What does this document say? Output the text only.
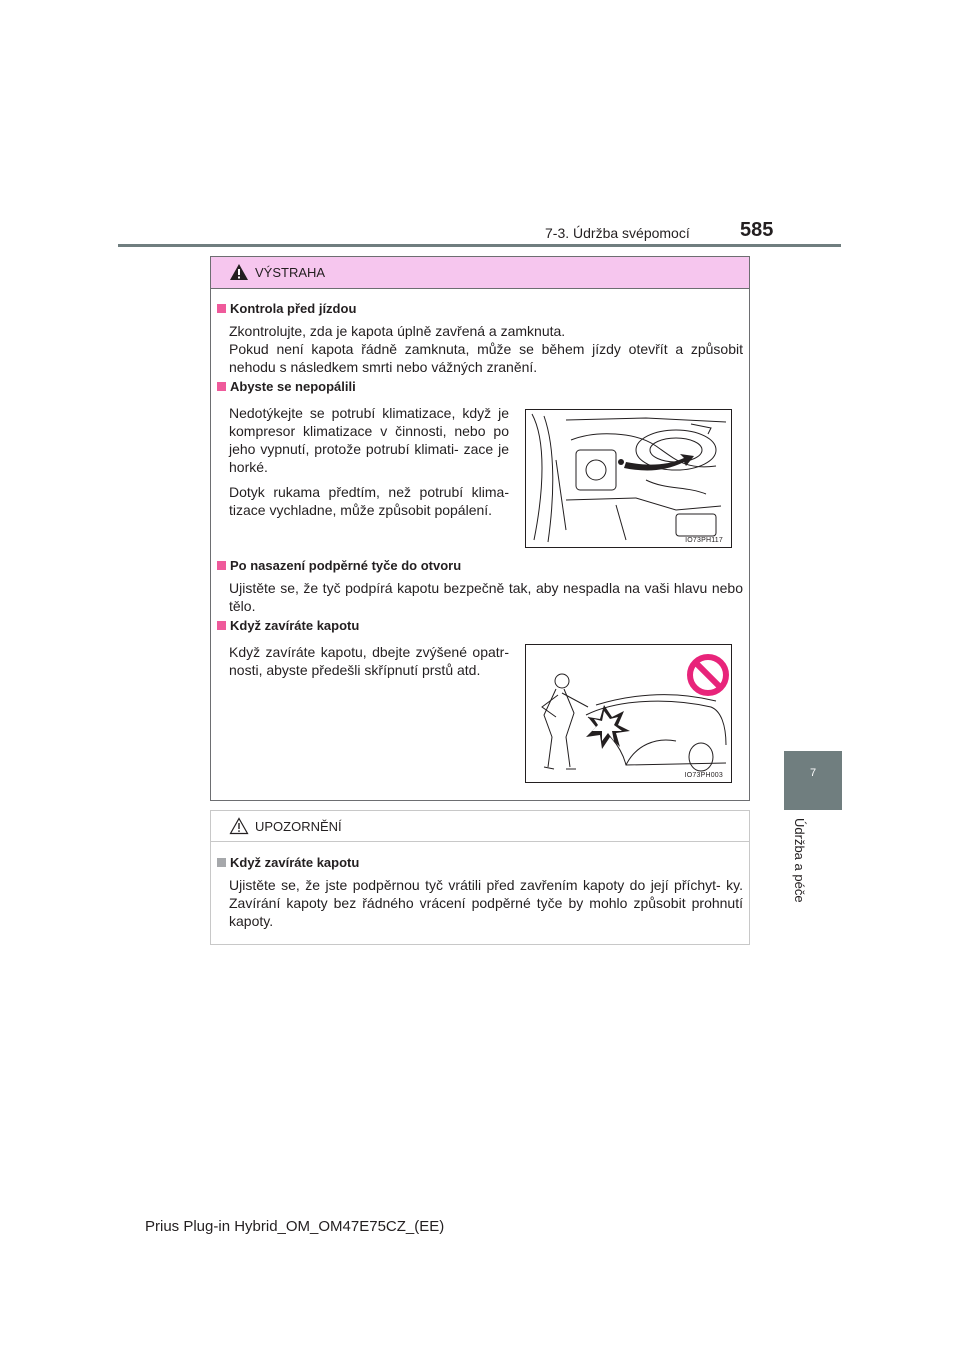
7-3. Údržba svépomocí	585
7
Údržba a péče
VÝSTRAHA
Kontrola před jízdou
Zkontrolujte, zda je kapota úplně zavřená a zamknuta.
Pokud není kapota řádně zamknuta, může se během jízdy otevřít a způsobit nehodu s následkem smrti nebo vážných zranění.
Abyste se nepopálili
Nedotýkejte se potrubí klimatizace, když je kompresor klimatizace v činnosti, nebo po jeho vypnutí, protože potrubí klimati- zace je horké.
Dotyk rukama předtím, než potrubí klima- tizace vychladne, může způsobit popálení.
IO73PH117
Po nasazení podpěrné tyče do otvoru
Ujistěte se, že tyč podpírá kapotu bezpečně tak, aby nespadla na vaši hlavu nebo tělo.
Když zavíráte kapotu
Když zavíráte kapotu, dbejte zvýšené opatr- nosti, abyste předešli skřípnutí prstů atd.
IO73PH003
UPOZORNĚNÍ
Když zavíráte kapotu
Ujistěte se, že jste podpěrnou tyč vrátili před zavřením kapoty do její příchyt- ky. Zavírání kapoty bez řádného vrácení podpěrné tyče by mohlo způsobit prohnutí kapoty.
Prius Plug-in Hybrid_OM_OM47E75CZ_(EE)
